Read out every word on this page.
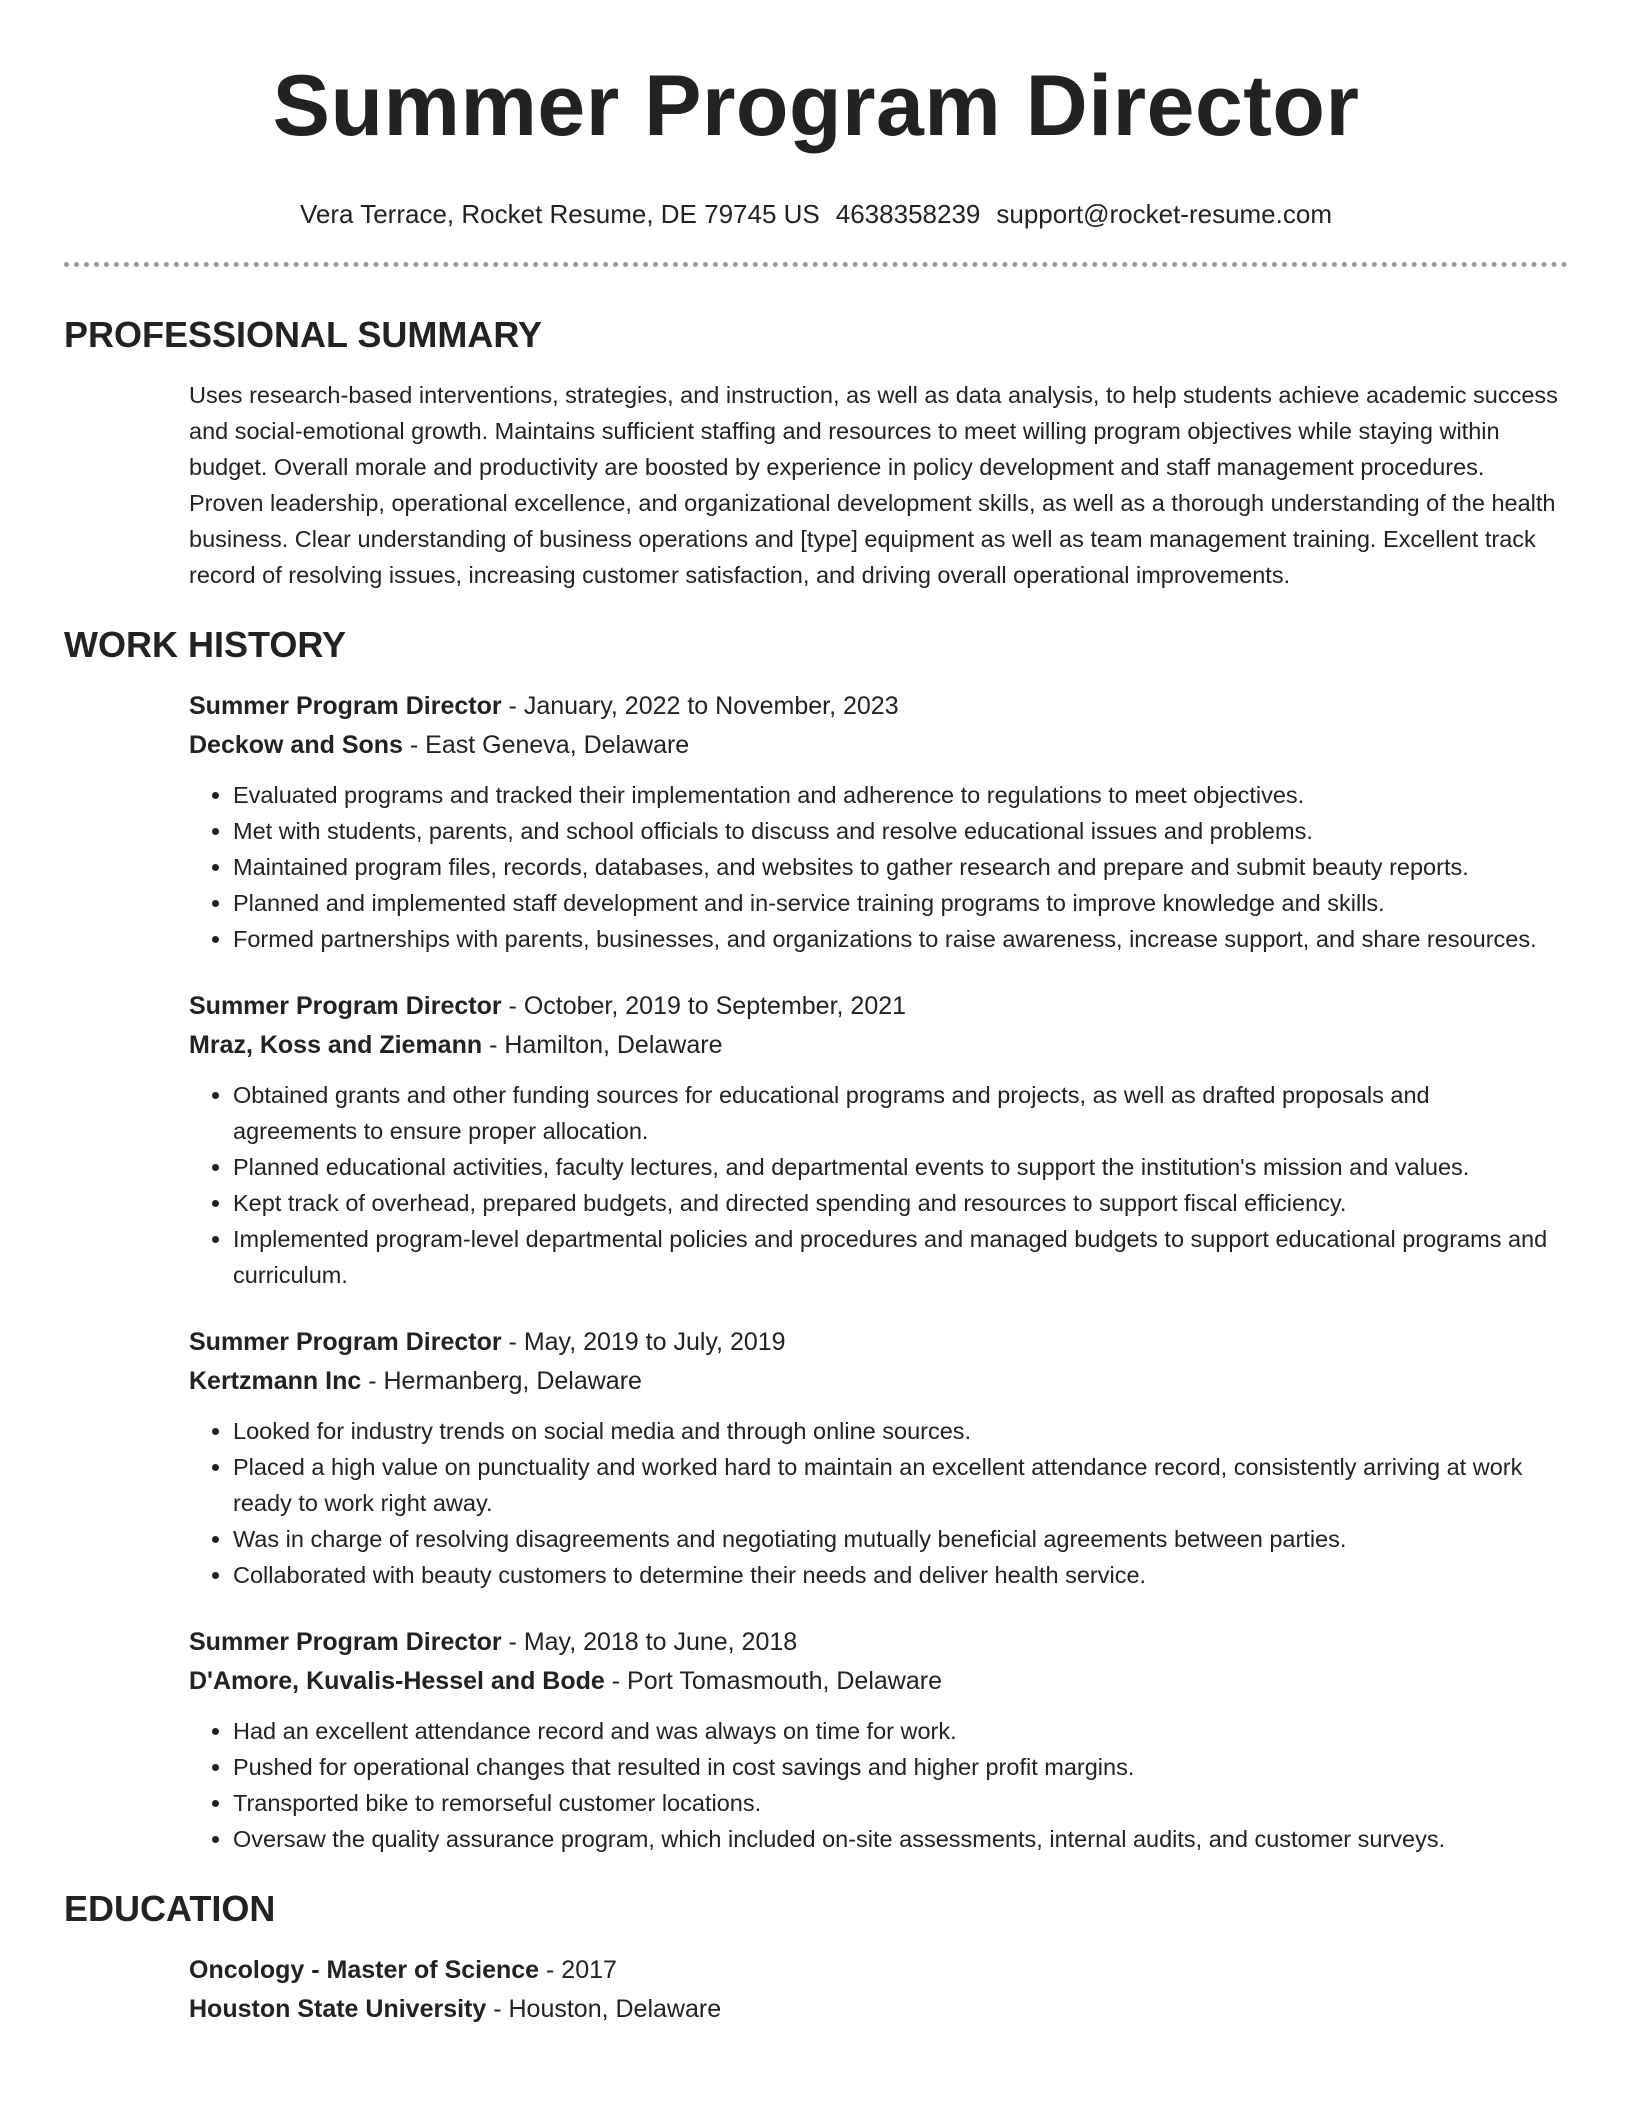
Summer Program Director
Vera Terrace, Rocket Resume, DE 79745 US 4638358239 support@rocket-resume.com
PROFESSIONAL SUMMARY

Uses research-based interventions, strategies, and instruction, as well as data analysis, to help students achieve academic success and social-emotional growth. Maintains sufficient staffing and resources to meet willing program objectives while staying within budget. Overall morale and productivity are boosted by experience in policy development and staff management procedures. Proven leadership, operational excellence, and organizational development skills, as well as a thorough understanding of the health business. Clear understanding of business operations and [type] equipment as well as team management training. Excellent track record of resolving issues, increasing customer satisfaction, and driving overall operational improvements.

WORK HISTORY
Summer Program Director - January, 2022 to November, 2023
Deckow and Sons - East Geneva, Delaware
• Evaluated programs and tracked their implementation and adherence to regulations to meet objectives.
• Met with students, parents, and school officials to discuss and resolve educational issues and problems.
• Maintained program files, records, databases, and websites to gather research and prepare and submit beauty reports.
• Planned and implemented staff development and in-service training programs to improve knowledge and skills.
• Formed partnerships with parents, businesses, and organizations to raise awareness, increase support, and share resources.
Summer Program Director - October, 2019 to September, 2021
Mraz, Koss and Ziemann - Hamilton, Delaware
• Obtained grants and other funding sources for educational programs and projects, as well as drafted proposals and agreements to ensure proper allocation.
• Planned educational activities, faculty lectures, and departmental events to support the institution's mission and values.
• Kept track of overhead, prepared budgets, and directed spending and resources to support fiscal efficiency.
• Implemented program-level departmental policies and procedures and managed budgets to support educational programs and curriculum.
Summer Program Director - May, 2019 to July, 2019
Kertzmann Inc - Hermanberg, Delaware
• Looked for industry trends on social media and through online sources.
• Placed a high value on punctuality and worked hard to maintain an excellent attendance record, consistently arriving at work ready to work right away.
• Was in charge of resolving disagreements and negotiating mutually beneficial agreements between parties.
• Collaborated with beauty customers to determine their needs and deliver health service.
Summer Program Director - May, 2018 to June, 2018
D'Amore, Kuvalis-Hessel and Bode - Port Tomasmouth, Delaware
• Had an excellent attendance record and was always on time for work.
• Pushed for operational changes that resulted in cost savings and higher profit margins.
• Transported bike to remorseful customer locations.
• Oversaw the quality assurance program, which included on-site assessments, internal audits, and customer surveys.
EDUCATION
Oncology - Master of Science - 2017
Houston State University - Houston, Delaware
